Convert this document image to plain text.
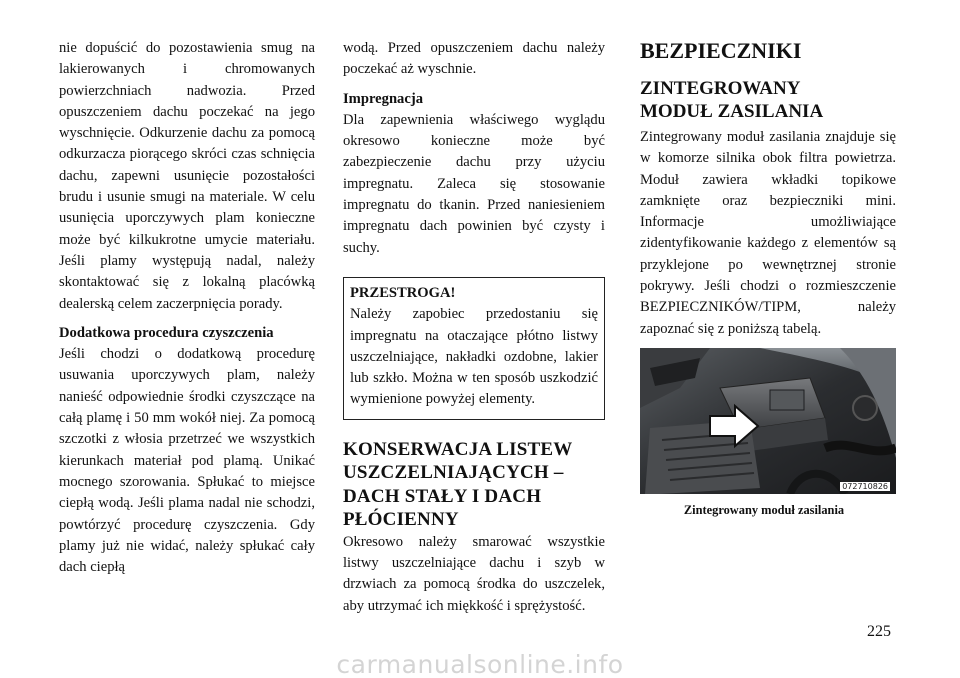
nie dopuścić do pozostawienia smug na lakierowanych i chromowanych powierzchniach nadwozia. Przed opuszczeniem dachu poczekać na jego wyschnięcie. Odkurzenie dachu za pomocą odkurzacza piorącego skróci czas schnięcia dachu, zapewni usunięcie pozostałości brudu i usunie smugi na materiale. W celu usunięcia uporczywych plam konieczne może być kilkukrotne umycie materiału. Jeśli plamy występują nadal, należy skontaktować się z lokalną placówką dealerską celem zaczerpnięcia porady.

Dodatkowa procedura czyszczenia

Jeśli chodzi o dodatkową procedurę usuwania uporczywych plam, należy nanieść odpowiednie środki czyszczące na całą plamę i 50 mm wokół niej. Za pomocą szczotki z włosia przetrzeć we wszystkich kierunkach materiał pod plamą. Unikać mocnego szorowania. Spłukać to miejsce ciepłą wodą. Jeśli plama nadal nie schodzi, powtórzyć procedurę czyszczenia. Gdy plamy już nie widać, należy spłukać cały dach ciepłą

wodą. Przed opuszczeniem dachu należy poczekać aż wyschnie.

Impregnacja

Dla zapewnienia właściwego wyglądu okresowo konieczne może być zabezpieczenie dachu przy użyciu impregnatu. Zaleca się stosowanie impregnatu do tkanin. Przed naniesieniem impregnatu dach powinien być czysty i suchy.

PRZESTROGA!

Należy zapobiec przedostaniu się impregnatu na otaczające płótno listwy uszczelniające, nakładki ozdobne, lakier lub szkło. Można w ten sposób uszkodzić wymienione powyżej elementy.

KONSERWACJA LISTEW
USZCZELNIAJĄCYCH –
DACH STAŁY I DACH
PŁÓCIENNY

Okresowo należy smarować wszystkie listwy uszczelniające dachu i szyb w drzwiach za pomocą środka do uszczelek, aby utrzymać ich miękkość i sprężystość.

BEZPIECZNIKI
ZINTEGROWANY
MODUŁ ZASILANIA

Zintegrowany moduł zasilania znajduje się w komorze silnika obok filtra powietrza. Moduł zawiera wkładki topikowe zamknięte oraz bezpieczniki mini. Informacje umożliwiające zidentyfikowanie każdego z elementów są przyklejone po wewnętrznej stronie pokrywy. Jeśli chodzi o rozmieszczenie BEZPIECZNIKÓW/TIPM, należy zapoznać się z poniższą tabelą.

072710826
Zintegrowany moduł zasilania
225
carmanualsonline.info
